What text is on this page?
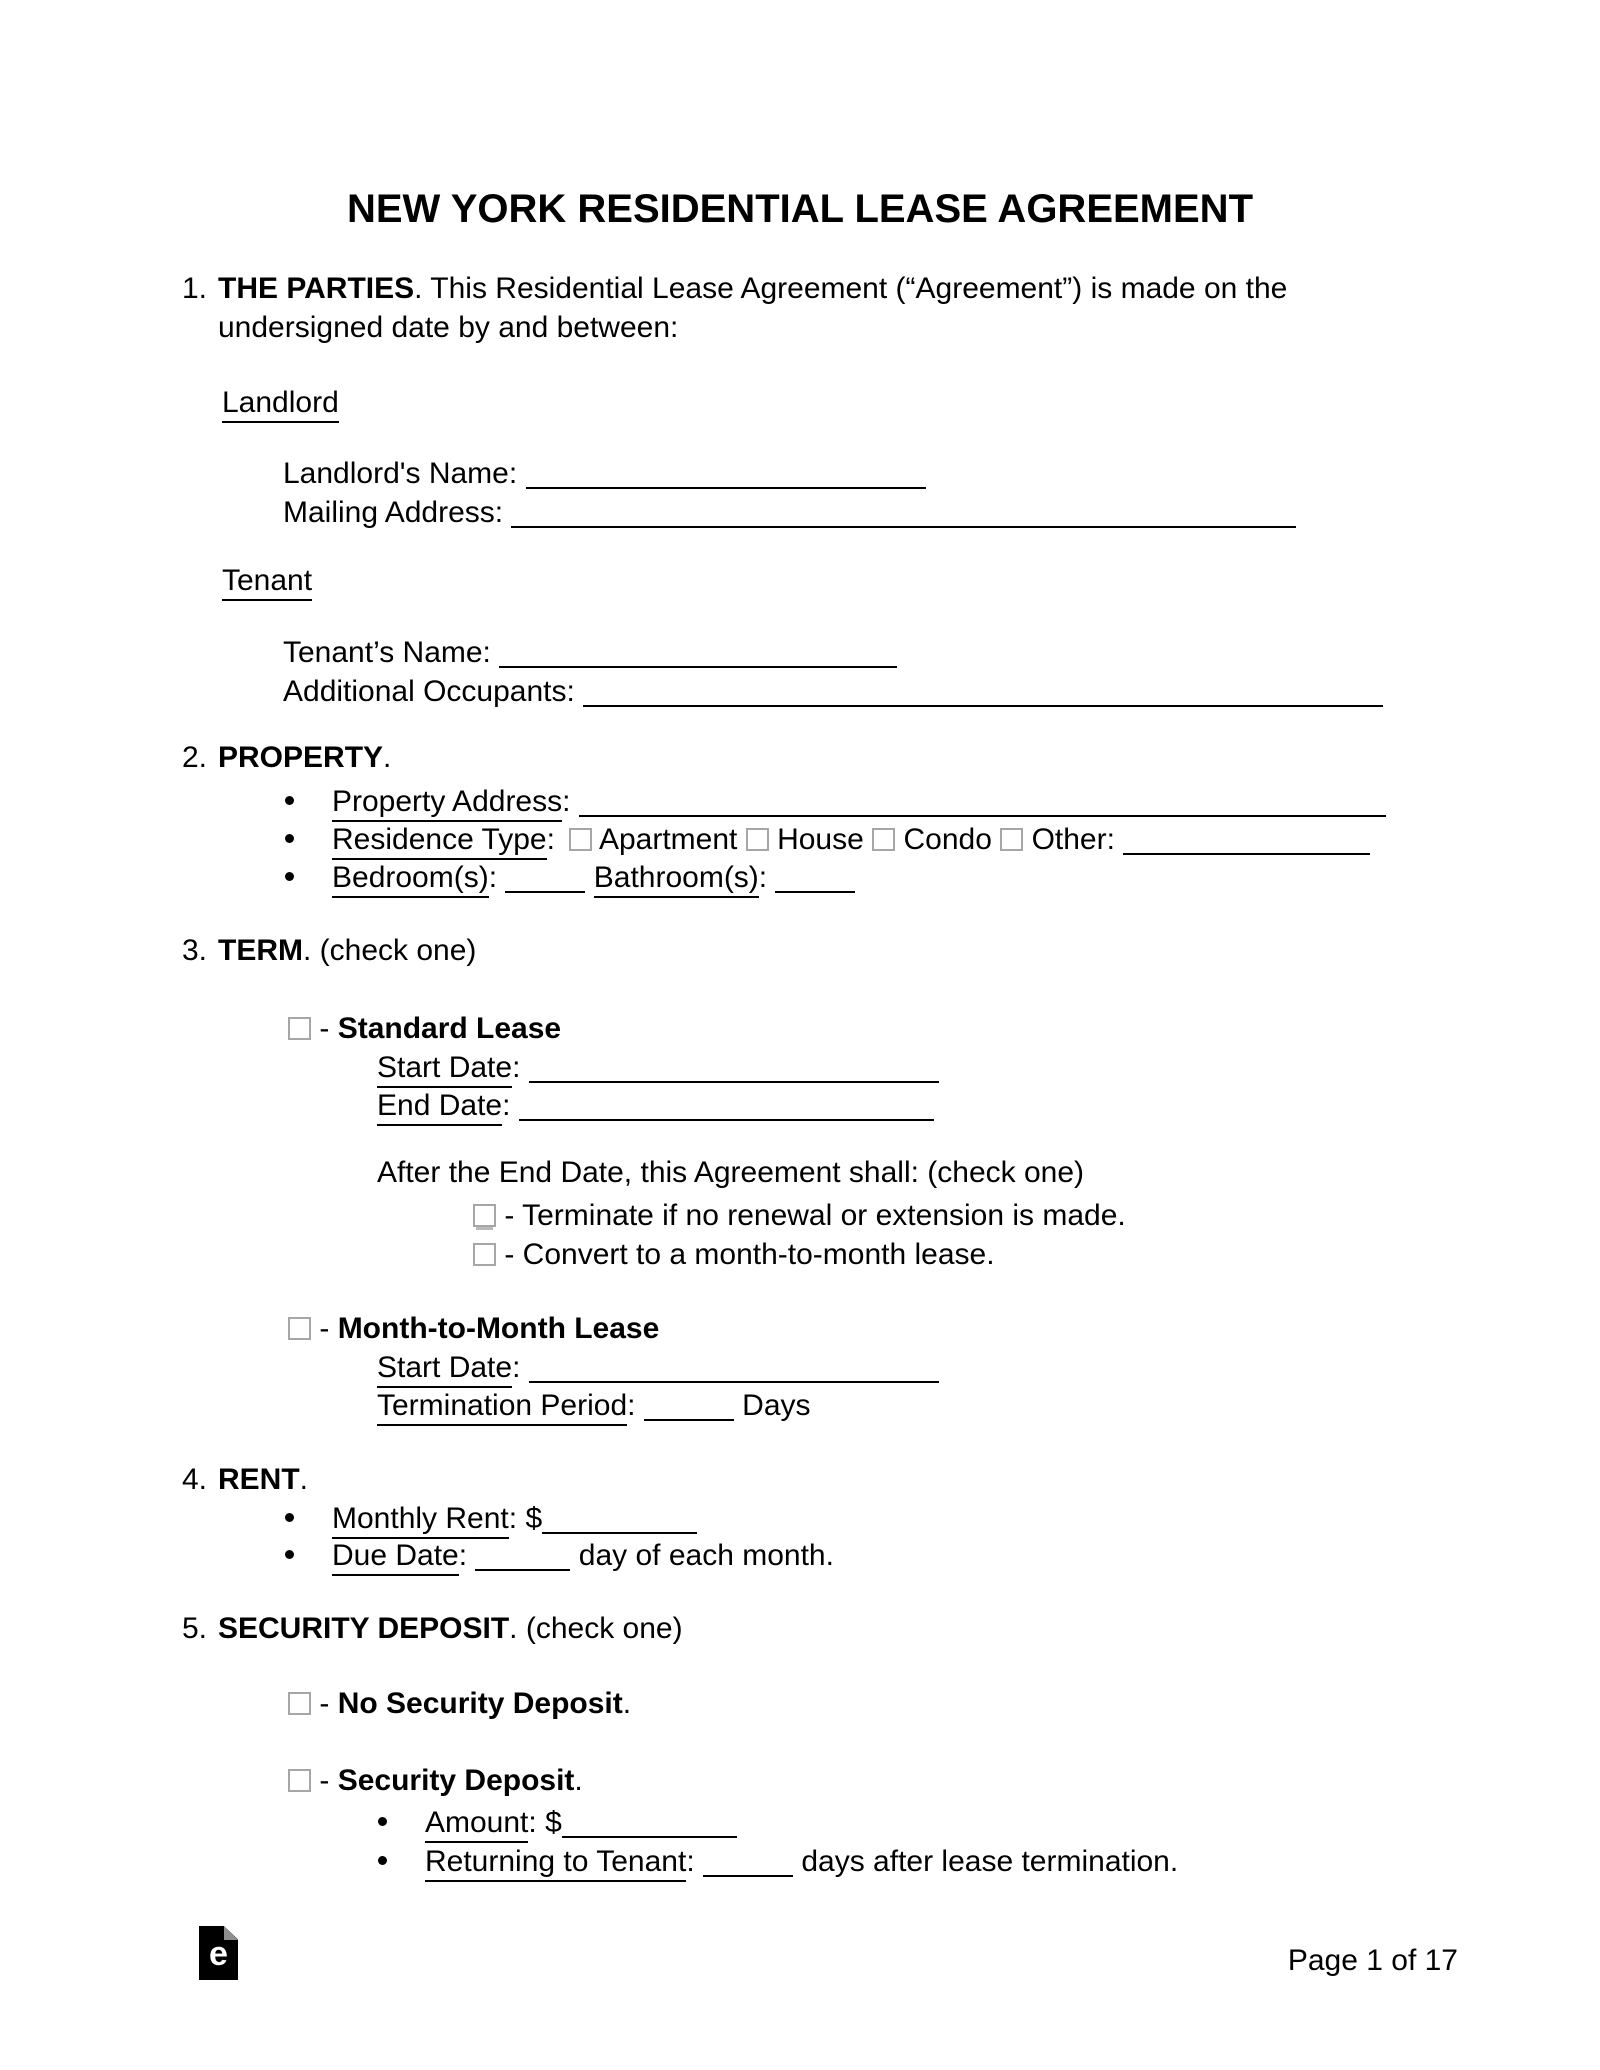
NEW YORK RESIDENTIAL LEASE AGREEMENT
1. THE PARTIES. This Residential Lease Agreement (“Agreement”) is made on the
undersigned date by and between:
Landlord
Landlord's Name:
Mailing Address:
Tenant
Tenant’s Name:
Additional Occupants:
2. PROPERTY.
Property Address:
Residence Type: Apartment House Condo Other:
Bedroom(s):	Bathroom(s):
3. TERM. (check one)
- Standard Lease
Start Date:
End Date:
After the End Date, this Agreement shall: (check one)
- Terminate if no renewal or extension is made.
- Convert to a month-to-month lease.
- Month-to-Month Lease
Start Date:
Termination Period:	Days
4. RENT.
Monthly Rent: $
Due Date:	day of each month.
5. SECURITY DEPOSIT. (check one)
- No Security Deposit.
- Security Deposit.
Amount: $
Returning to Tenant:	days after lease termination.
e	Page 1 of 17
